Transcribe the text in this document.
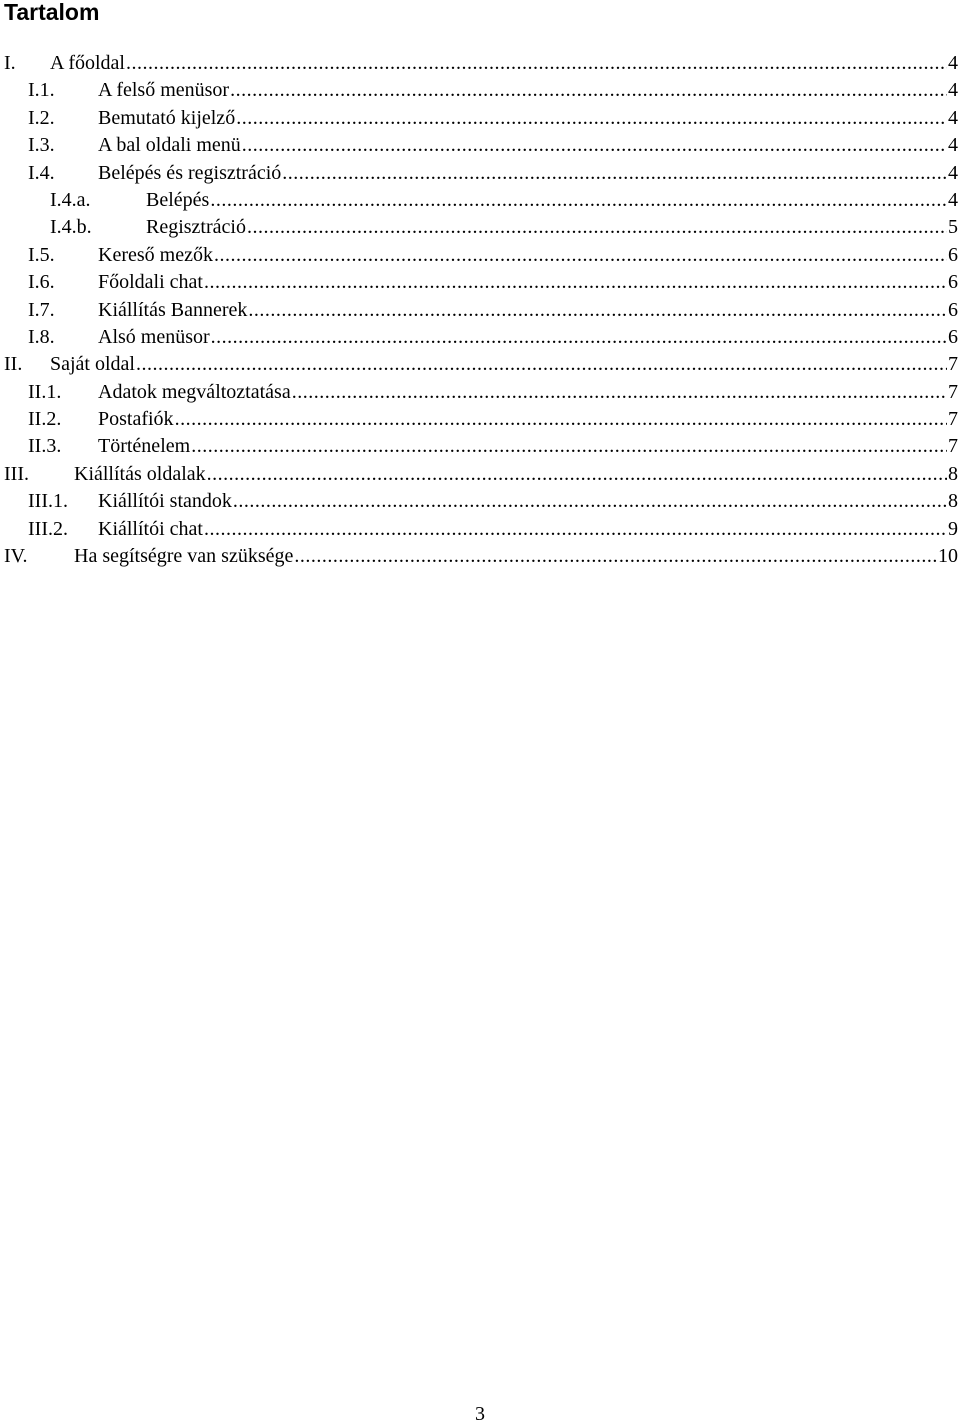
Tartalom
I. A főoldal .....	4
I.1. A felső menüsor .....	4
I.2. Bemutató kijelző .....	4
I.3. A bal oldali menü .....	4
I.4. Belépés és regisztráció .....	4
I.4.a.	Belépés .....	4
I.4.b.	Regisztráció .....	5
I.5. Kereső mezők .....	6
I.6. Főoldali chat .....	6
I.7. Kiállítás Bannerek .....	6
I.8. Alsó menüsor .....	6
II. Saját oldal .....	7
II.1. Adatok megváltoztatása .....	7
II.2. Postafiók .....	7
II.3. Történelem .....	7
III. Kiállítás oldalak .....	8
III.1. Kiállítói standok .....	8
III.2. Kiállítói chat .....	9
IV. Ha segítségre van szüksége .....	10
3
